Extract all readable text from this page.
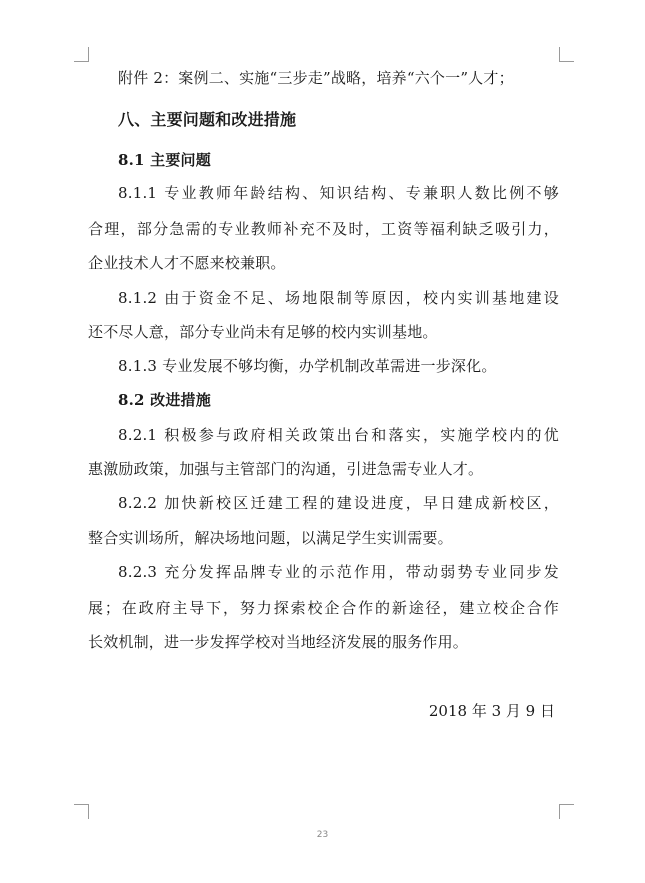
附件 2：案例二、实施“三步走”战略，培养“六个一”人才；
八、主要问题和改进措施
8.1 主要问题
8.1.1 专业教师年龄结构、知识结构、专兼职人数比例不够
合理，部分急需的专业教师补充不及时，工资等福利缺乏吸引力，
企业技术人才不愿来校兼职。
8.1.2 由于资金不足、场地限制等原因，校内实训基地建设
还不尽人意，部分专业尚未有足够的校内实训基地。
8.1.3 专业发展不够均衡，办学机制改革需进一步深化。
8.2 改进措施
8.2.1 积极参与政府相关政策出台和落实，实施学校内的优
惠激励政策，加强与主管部门的沟通，引进急需专业人才。
8.2.2 加快新校区迁建工程的建设进度，早日建成新校区，
整合实训场所，解决场地问题，以满足学生实训需要。
8.2.3 充分发挥品牌专业的示范作用，带动弱势专业同步发
展；在政府主导下，努力探索校企合作的新途径，建立校企合作
长效机制，进一步发挥学校对当地经济发展的服务作用。
2018 年 3 月 9 日
23
